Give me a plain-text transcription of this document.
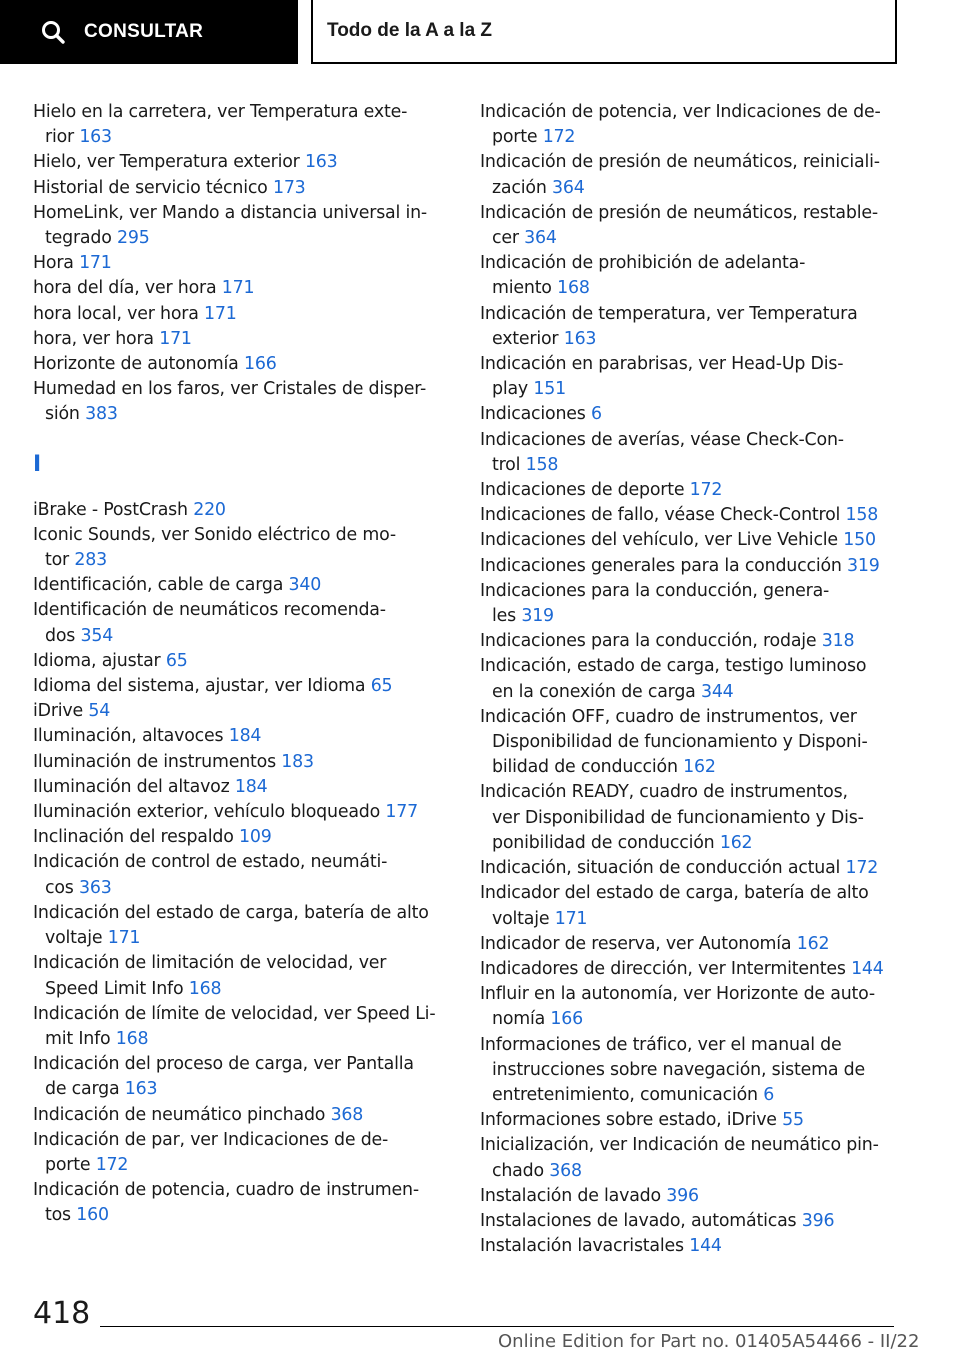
CONSULTAR	Todo de la A a la Z
Hielo en la carretera, ver Temperatura exte-
rior 163
Hielo, ver Temperatura exterior 163
Historial de servicio técnico 173
HomeLink, ver Mando a distancia universal in-
tegrado 295
Hora 171
hora del día, ver hora 171
hora local, ver hora 171
hora, ver hora 171
Horizonte de autonomía 166
Humedad en los faros, ver Cristales de disper-
sión 383
I
iBrake - PostCrash 220
Iconic Sounds, ver Sonido eléctrico de mo-
tor 283
Identificación, cable de carga 340
Identificación de neumáticos recomenda-
dos 354
Idioma, ajustar 65
Idioma del sistema, ajustar, ver Idioma 65
iDrive 54
Iluminación, altavoces 184
Iluminación de instrumentos 183
Iluminación del altavoz 184
Iluminación exterior, vehículo bloqueado 177
Inclinación del respaldo 109
Indicación de control de estado, neumáti-
cos 363
Indicación del estado de carga, batería de alto
voltaje 171
Indicación de limitación de velocidad, ver
Speed Limit Info 168
Indicación de límite de velocidad, ver Speed Li-
mit Info 168
Indicación del proceso de carga, ver Pantalla
de carga 163
Indicación de neumático pinchado 368
Indicación de par, ver Indicaciones de de-
porte 172
Indicación de potencia, cuadro de instrumen-
tos 160
Indicación de potencia, ver Indicaciones de de-
porte 172
Indicación de presión de neumáticos, reiniciali-
zación 364
Indicación de presión de neumáticos, restable-
cer 364
Indicación de prohibición de adelanta-
miento 168
Indicación de temperatura, ver Temperatura
exterior 163
Indicación en parabrisas, ver Head-Up Dis-
play 151
Indicaciones 6
Indicaciones de averías, véase Check-Con-
trol 158
Indicaciones de deporte 172
Indicaciones de fallo, véase Check-Control 158
Indicaciones del vehículo, ver Live Vehicle 150
Indicaciones generales para la conducción 319
Indicaciones para la conducción, genera-
les 319
Indicaciones para la conducción, rodaje 318
Indicación, estado de carga, testigo luminoso
en la conexión de carga 344
Indicación OFF, cuadro de instrumentos, ver
Disponibilidad de funcionamiento y Disponi-
bilidad de conducción 162
Indicación READY, cuadro de instrumentos,
ver Disponibilidad de funcionamiento y Dis-
ponibilidad de conducción 162
Indicación, situación de conducción actual 172
Indicador del estado de carga, batería de alto
voltaje 171
Indicador de reserva, ver Autonomía 162
Indicadores de dirección, ver Intermitentes 144
Influir en la autonomía, ver Horizonte de auto-
nomía 166
Informaciones de tráfico, ver el manual de
instrucciones sobre navegación, sistema de
entretenimiento, comunicación 6
Informaciones sobre estado, iDrive 55
Inicialización, ver Indicación de neumático pin-
chado 368
Instalación de lavado 396
Instalaciones de lavado, automáticas 396
Instalación lavacristales 144
418
Online Edition for Part no. 01405A54466 - II/22
